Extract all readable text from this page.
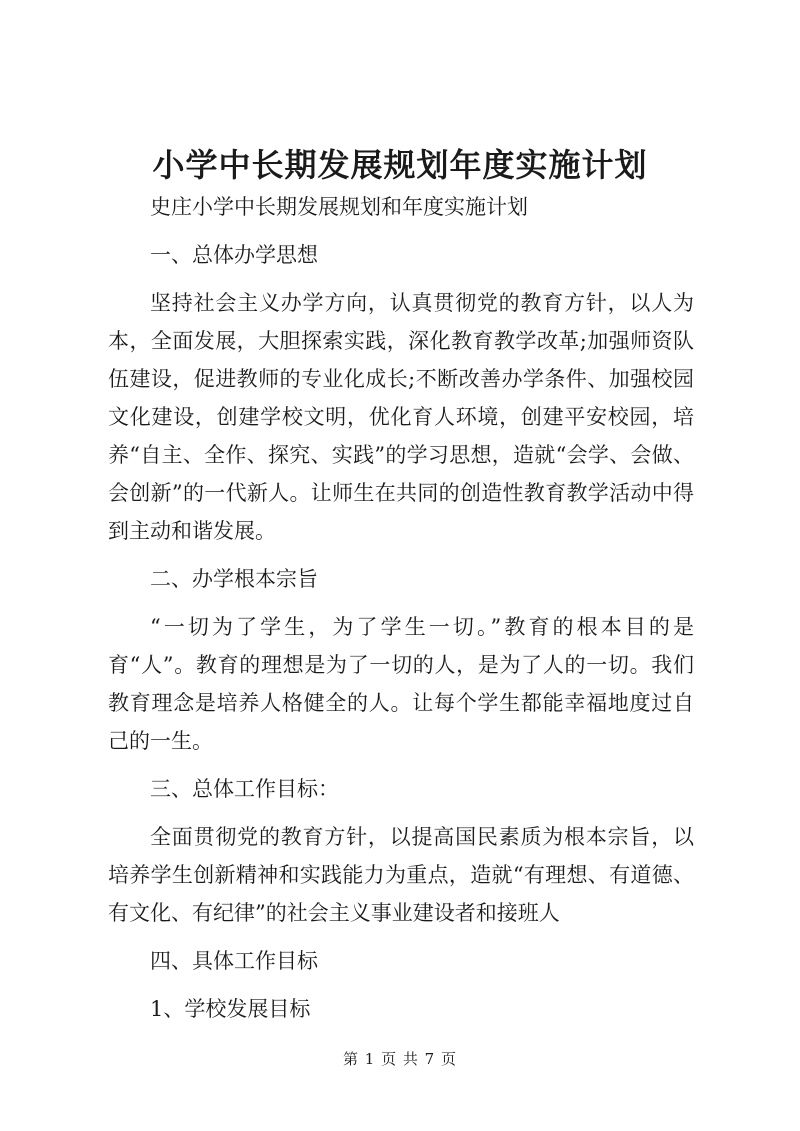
小学中长期发展规划年度实施计划

史庄小学中长期发展规划和年度实施计划

一、总体办学思想

坚持社会主义办学方向，认真贯彻党的教育方针，以人为本，全面发展，大胆探索实践，深化教育教学改革;加强师资队伍建设，促进教师的专业化成长;不断改善办学条件、加强校园文化建设，创建学校文明，优化育人环境，创建平安校园，培养“自主、全作、探究、实践”的学习思想，造就“会学、会做、会创新”的一代新人。让师生在共同的创造性教育教学活动中得到主动和谐发展。

二、办学根本宗旨

“一切为了学生，为了学生一切。”教育的根本目的是育“人”。教育的理想是为了一切的人，是为了人的一切。我们教育理念是培养人格健全的人。让每个学生都能幸福地度过自己的一生。

三、总体工作目标：

全面贯彻党的教育方针，以提高国民素质为根本宗旨，以培养学生创新精神和实践能力为重点，造就“有理想、有道德、有文化、有纪律”的社会主义事业建设者和接班人

四、具体工作目标

1、学校发展目标

第 1 页 共 7 页
